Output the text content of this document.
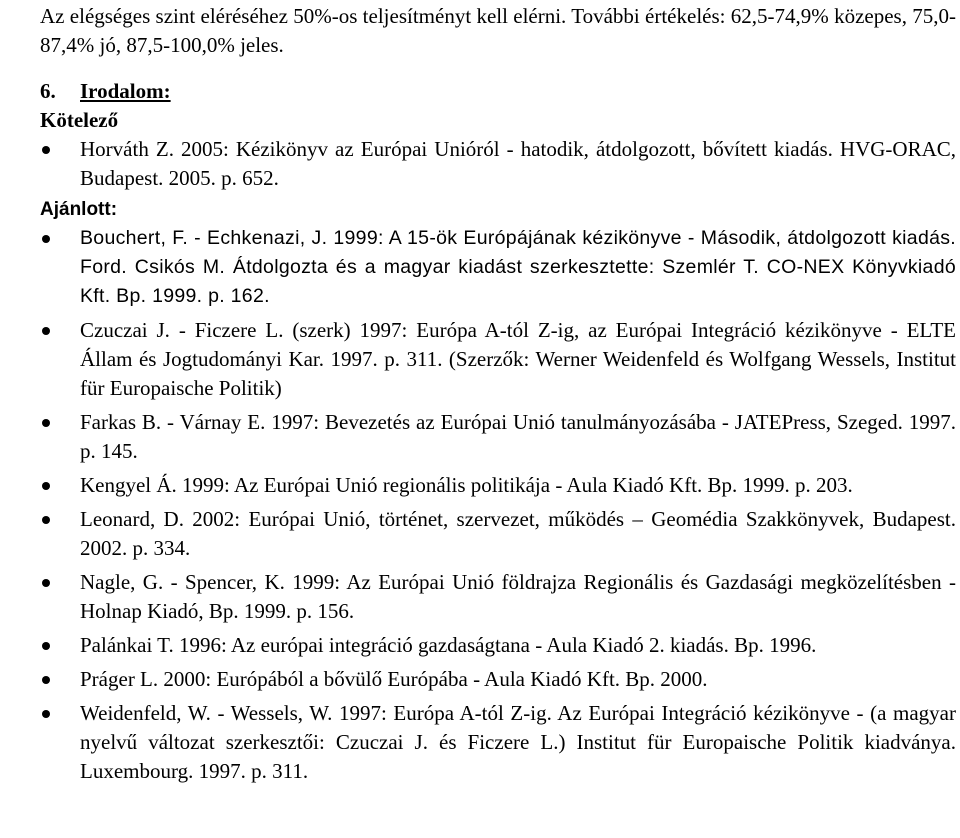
Az elégséges szint eléréséhez 50%-os teljesítményt kell elérni. További értékelés: 62,5-74,9% közepes, 75,0-87,4% jó, 87,5-100,0% jeles.

6.	Irodalom:

Kötelező

Horváth Z. 2005: Kézikönyv az Európai Unióról - hatodik, átdolgozott, bővített kiadás. HVG-ORAC, Budapest. 2005. p. 652.

Ajánlott:

Bouchert, F. - Echkenazi, J. 1999: A 15-ök Európájának kézikönyve - Második, átdolgozott kiadás. Ford. Csikós M. Átdolgozta és a magyar kiadást szerkesztette: Szemlér T. CO-NEX Könyvkiadó Kft. Bp. 1999. p. 162.
Czuczai J. - Ficzere L. (szerk) 1997: Európa A-tól Z-ig, az Európai Integráció kézikönyve - ELTE Állam és Jogtudományi Kar. 1997. p. 311. (Szerzők: Werner Weidenfeld és Wolfgang Wessels, Institut für Europaische Politik)
Farkas B. - Várnay E. 1997: Bevezetés az Európai Unió tanulmányozásába - JATEPress, Szeged. 1997. p. 145.
Kengyel Á. 1999: Az Európai Unió regionális politikája - Aula Kiadó Kft. Bp. 1999. p. 203.
Leonard, D. 2002: Európai Unió, történet, szervezet, működés – Geomédia Szakkönyvek, Budapest. 2002. p. 334.
Nagle, G. - Spencer, K. 1999: Az Európai Unió földrajza Regionális és Gazdasági megközelítésben - Holnap Kiadó, Bp. 1999. p. 156.
Palánkai T. 1996: Az európai integráció gazdaságtana - Aula Kiadó 2. kiadás. Bp. 1996.
Práger L. 2000: Európából a bővülő Európába - Aula Kiadó Kft. Bp. 2000.
Weidenfeld, W. - Wessels, W. 1997: Európa A-tól Z-ig. Az Európai Integráció kézikönyve - (a magyar nyelvű változat szerkesztői: Czuczai J. és Ficzere L.) Institut für Europaische Politik kiadványa. Luxembourg. 1997. p. 311.
